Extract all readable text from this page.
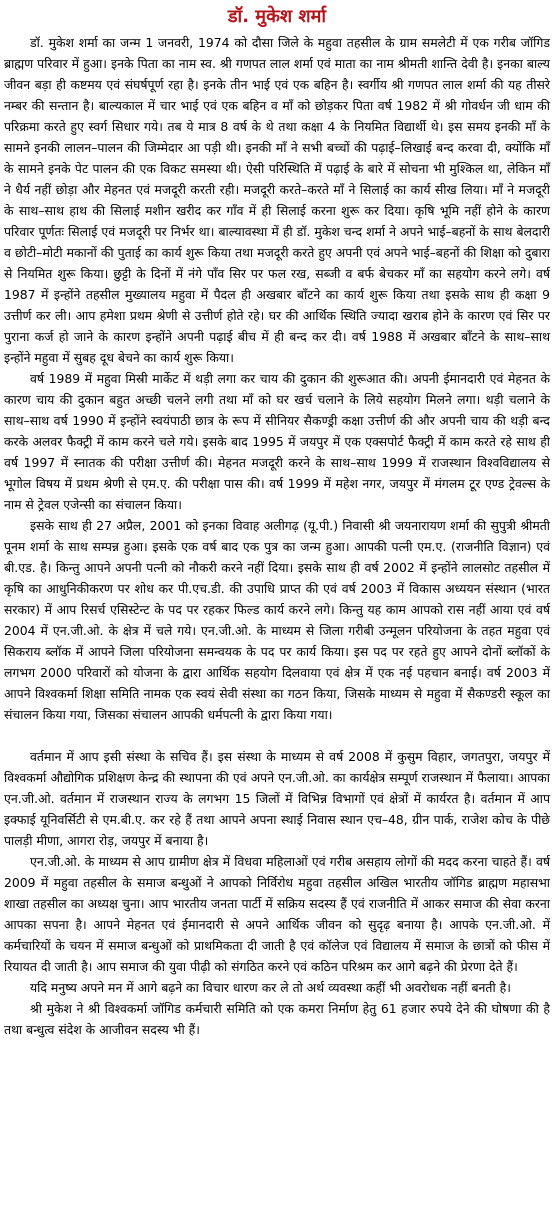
डॉ. मुकेश शर्मा

डॉ. मुकेश शर्मा का जन्म 1 जनवरी, 1974 को दौसा जिले के महुवा तहसील के ग्राम समलेटी में एक गरीब जॉगिड ब्राह्मण परिवार में हुआ। इनके पिता का नाम स्व. श्री गणपत लाल शर्मा एवं माता का नाम श्रीमती शान्ति देवी है। इनका बाल्य जीवन बड़ा ही कष्टमय एवं संघर्षपूर्ण रहा है। इनके तीन भाई एवं एक बहिन है। स्वर्गीय श्री गणपत लाल शर्मा की यह तीसरे नम्बर की सन्तान है। बाल्यकाल में चार भाई एवं एक बहिन व माँ को छोड़कर पिता वर्ष 1982 में श्री गोवर्धन जी धाम की परिक्रमा करते हुए स्वर्ग सिधार गये। तब ये मात्र 8 वर्ष के थे तथा कक्षा 4 के नियमित विद्यार्थी थे। इस समय इनकी माँ के सामने इनकी लालन–पालन की जिम्मेदार आ पड़ी थी। इनकी माँ ने सभी बच्चों की पढ़ाई–लिखाई बन्द करवा दी, क्योंकि माँ के सामने इनके पेट पालन की एक विकट समस्या थी। ऐसी परिस्थिति में पढ़ाई के बारे में सोचना भी मुश्किल था, लेकिन माँ ने धैर्य नहीं छोड़ा और मेहनत एवं मजदूरी करती रही। मजदूरी करते–करते माँ ने सिलाई का कार्य सीख लिया। माँ ने मजदूरी के साथ–साथ हाथ की सिलाई मशीन खरीद कर गाँव में ही सिलाई करना शुरू कर दिया। कृषि भूमि नहीं होने के कारण परिवार पूर्णतः सिलाई एवं मजदूरी पर निर्भर था। बाल्यावस्था में ही डॉ. मुकेश चन्द शर्मा ने अपने भाई–बहनों के साथ बेलदारी व छोटी–मोटी मकानों की पुताई का कार्य शुरू किया तथा मजदूरी करते हुए अपनी एवं अपने भाई–बहनों की शिक्षा को दुबारा से नियमित शुरू किया। छुट्टी के दिनों में नंगे पाँव सिर पर फल रख, सब्जी व बर्फ बेचकर माँ का सहयोग करने लगे। वर्ष 1987 में इन्होंने तहसील मुख्यालय महुवा में पैदल ही अखबार बाँटने का कार्य शुरू किया तथा इसके साथ ही कक्षा 9 उत्तीर्ण कर ली। आप हमेशा प्रथम श्रेणी से उत्तीर्ण होते रहे। घर की आर्थिक स्थिति ज्यादा खराब होने के कारण एवं सिर पर पुराना कर्ज हो जाने के कारण इन्होंने अपनी पढ़ाई बीच में ही बन्द कर दी। वर्ष 1988 में अखबार बाँटने के साथ–साथ इन्होंने महुवा में सुबह दूध बेचने का कार्य शुरू किया।

वर्ष 1989 में महुवा मिस्री मार्केट में थड़ी लगा कर चाय की दुकान की शुरूआत की। अपनी ईमानदारी एवं मेहनत के कारण चाय की दुकान बहुत अच्छी चलने लगी तथा माँ को घर खर्च चलाने के लिये सहयोग मिलने लगा। थड़ी चलाने के साथ–साथ वर्ष 1990 में इन्होंने स्वयंपाठी छात्र के रूप में सीनियर सैकण्ड्री कक्षा उत्तीर्ण की और अपनी चाय की थड़ी बन्द करके अलवर फैक्ट्री में काम करने चले गये। इसके बाद 1995 में जयपुर में एक एक्सपोर्ट फैक्ट्री में काम करते रहे साथ ही वर्ष 1997 में स्नातक की परीक्षा उत्तीर्ण की। मेहनत मजदूरी करने के साथ–साथ 1999 में राजस्थान विश्वविद्यालय से भूगोल विषय में प्रथम श्रेणी से एम.ए. की परीक्षा पास की। वर्ष 1999 में महेश नगर, जयपुर में मंगलम टूर एण्ड ट्रेवल्स के नाम से ट्रेवल एजेन्सी का संचालन किया।

इसके साथ ही 27 अप्रैल, 2001 को इनका विवाह अलीगढ़ (यू.पी.) निवासी श्री जयनारायण शर्मा की सुपुत्री श्रीमती पूनम शर्मा के साथ सम्पन्न हुआ। इसके एक वर्ष बाद एक पुत्र का जन्म हुआ। आपकी पत्नी एम.ए. (राजनीति विज्ञान) एवं बी.एड. है। किन्तु आपने अपनी पत्नी को नौकरी करने नहीं दिया। इसके साथ ही वर्ष 2002 में इन्होंने लालसोट तहसील में कृषि का आधुनिकीकरण पर शोध कर पी.एच.डी. की उपाधि प्राप्त की एवं वर्ष 2003 में विकास अध्ययन संस्थान (भारत सरकार) में आप रिसर्च एसिस्टेन्ट के पद पर रहकर फिल्ड कार्य करने लगे। किन्तु यह काम आपको रास नहीं आया एवं वर्ष 2004 में एन.जी.ओ. के क्षेत्र में चले गये। एन.जी.ओ. के माध्यम से जिला गरीबी उन्मूलन परियोजना के तहत महुवा एवं सिकराय ब्लॉक में आपने जिला परियोजना समन्वयक के पद पर कार्य किया। इस पद पर रहते हुए आपने दोनों ब्लॉकों के लगभग 2000 परिवारों को योजना के द्वारा आर्थिक सहयोग दिलवाया एवं क्षेत्र में एक नई पहचान बनाई। वर्ष 2003 में आपने विश्वकर्मा शिक्षा समिति नामक एक स्वयं सेवी संस्था का गठन किया, जिसके माध्यम से महुवा में सैकण्डरी स्कूल का संचालन किया गया, जिसका संचालन आपकी धर्मपत्नी के द्वारा किया गया।

वर्तमान में आप इसी संस्था के सचिव हैं। इस संस्था के माध्यम से वर्ष 2008 में कुसुम विहार, जगतपुरा, जयपुर में विश्वकर्मा औद्योगिक प्रशिक्षण केन्द्र की स्थापना की एवं अपने एन.जी.ओ. का कार्यक्षेत्र सम्पूर्ण राजस्थान में फैलाया। आपका एन.जी.ओ. वर्तमान में राजस्थान राज्य के लगभग 15 जिलों में विभिन्न विभागों एवं क्षेत्रों में कार्यरत है। वर्तमान में आप इक्फाई यूनिवर्सिटी से एम.बी.ए. कर रहे हैं तथा आपने अपना स्थाई निवास स्थान एच–48, ग्रीन पार्क, राजेश कोच के पीछे पालड़ी मीणा, आगरा रोड़, जयपुर में बनाया है।

एन.जी.ओ. के माध्यम से आप ग्रामीण क्षेत्र में विधवा महिलाओं एवं गरीब असहाय लोगों की मदद करना चाहते हैं। वर्ष 2009 में महुवा तहसील के समाज बन्धुओं ने आपको निर्विरोध महुवा तहसील अखिल भारतीय जॉगिड ब्राह्मण महासभा शाखा तहसील का अध्यक्ष चुना। आप भारतीय जनता पार्टी में सक्रिय सदस्य हैं एवं राजनीति में आकर समाज की सेवा करना आपका सपना है। आपने मेहनत एवं ईमानदारी से अपने आर्थिक जीवन को सुदृढ़ बनाया है। आपके एन.जी.ओ. में कर्मचारियों के चयन में समाज बन्धुओं को प्राथमिकता दी जाती है एवं कॉलेज एवं विद्यालय में समाज के छात्रों को फीस में रियायत दी जाती है। आप समाज की युवा पीढ़ी को संगठित करने एवं कठिन परिश्रम कर आगे बढ़ने की प्रेरणा देते हैं।

यदि मनुष्य अपने मन में आगे बढ़ने का विचार धारण कर ले तो अर्थ व्यवस्था कहीं भी अवरोधक नहीं बनती है।

श्री मुकेश ने श्री विश्वकर्मा जॉगिड कर्मचारी समिति को एक कमरा निर्माण हेतु 61 हजार रुपये देने की घोषणा की है तथा बन्धुत्व संदेश के आजीवन सदस्य भी हैं।
